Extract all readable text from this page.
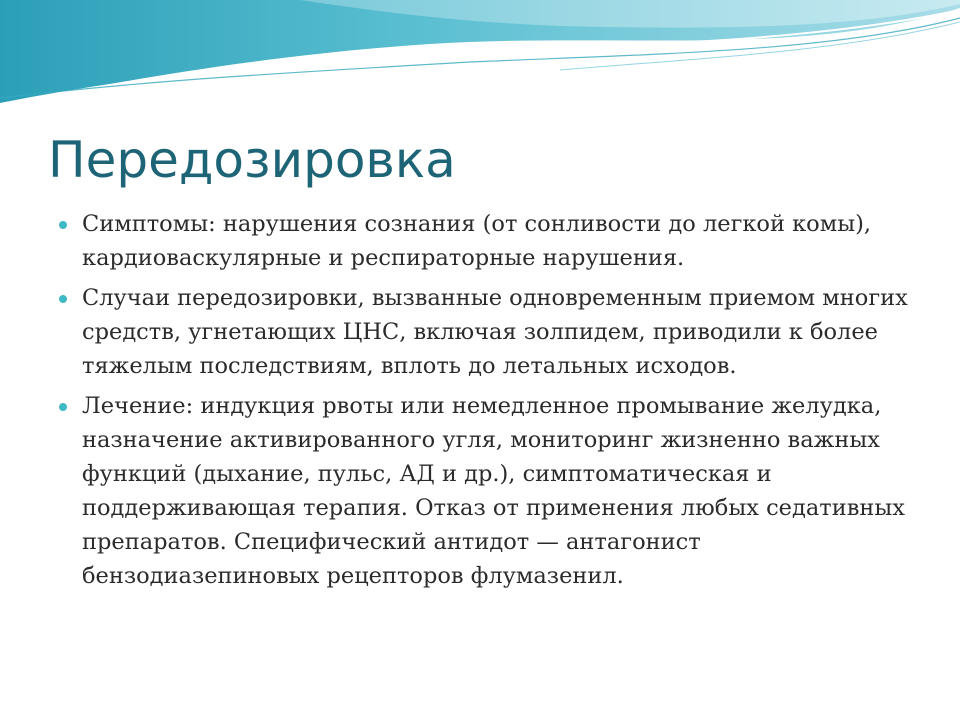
Передозировка
Симптомы: нарушения сознания (от сонливости до легкой комы), кардиоваскулярные и респираторные нарушения.
Случаи передозировки, вызванные одновременным приемом многих средств, угнетающих ЦНС, включая золпидем, приводили к более тяжелым последствиям, вплоть до летальных исходов.
Лечение: индукция рвоты или немедленное промывание желудка, назначение активированного угля, мониторинг жизненно важных функций (дыхание, пульс, АД и др.), симптоматическая и поддерживающая терапия. Отказ от применения любых седативных препаратов. Специфический антидот — антагонист бензодиазепиновых рецепторов флумазенил.
